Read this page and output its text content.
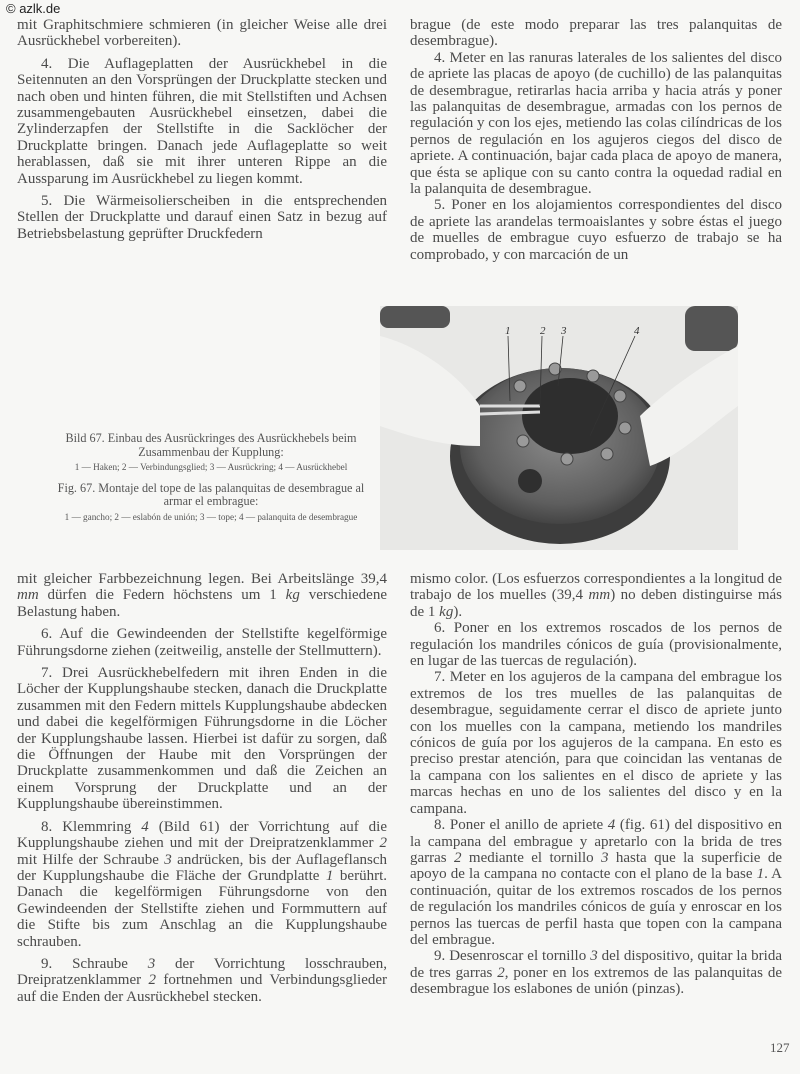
© azlk.de

mit Graphitschmiere schmieren (in gleicher Weise alle drei Ausrückhebel vorbereiten).

4. Die Auflageplatten der Ausrückhebel in die Seitennuten an den Vorsprüngen der Druckplatte stecken und nach oben und hinten führen, die mit Stellstiften und Achsen zusammengebauten Ausrückhebel einsetzen, dabei die Zylinderzapfen der Stellstifte in die Sacklöcher der Druckplatte bringen. Danach jede Auflageplatte so weit herablassen, daß sie mit ihrer unteren Rippe an die Aussparung im Ausrückhebel zu liegen kommt.

5. Die Wärmeisolierscheiben in die entsprechenden Stellen der Druckplatte und darauf einen Satz in bezug auf Betriebsbelastung geprüfter Druckfedern

brague (de este modo preparar las tres palanquitas de desembrague).

4. Meter en las ranuras laterales de los salientes del disco de apriete las placas de apoyo (de cuchillo) de las palanquitas de desembrague, retirarlas hacia arriba y hacia atrás y poner las palanquitas de desembrague, armadas con los pernos de regulación y con los ejes, metiendo las colas cilíndricas de los pernos de regulación en los agujeros ciegos del disco de apriete. A continuación, bajar cada placa de apoyo de manera, que ésta se aplique con su canto contra la oquedad radial en la palanquita de desembrague.

5. Poner en los alojamientos correspondientes del disco de apriete las arandelas termoaislantes y sobre éstas el juego de muelles de embrague cuyo esfuerzo de trabajo se ha comprobado, y con marcación de un

Bild 67. Einbau des Ausrückringes des Ausrückhebels beim Zusammenbau der Kupplung:
1 — Haken; 2 — Verbindungsglied; 3 — Ausrückring; 4 — Ausrückhebel
Fig. 67. Montaje del tope de las palanquitas de desembrague al armar el embrague:
1 — gancho; 2 — eslabón de unión; 3 — tope; 4 — palanquita de desembrague
1	2 3	4

mit gleicher Farbbezeichnung legen. Bei Arbeitslänge 39,4 mm dürfen die Federn höchstens um 1 kg verschiedene Belastung haben.

6. Auf die Gewindeenden der Stellstifte kegelförmige Führungsdorne ziehen (zeitweilig, anstelle der Stellmuttern).

7. Drei Ausrückhebelfedern mit ihren Enden in die Löcher der Kupplungshaube stecken, danach die Druckplatte zusammen mit den Federn mittels Kupplungshaube abdecken und dabei die kegelförmigen Führungsdorne in die Löcher der Kupplungshaube lassen. Hierbei ist dafür zu sorgen, daß die Öffnungen der Haube mit den Vorsprüngen der Druckplatte zusammenkommen und daß die Zeichen an einem Vorsprung der Druckplatte und an der Kupplungshaube übereinstimmen.

8. Klemmring 4 (Bild 61) der Vorrichtung auf die Kupplungshaube ziehen und mit der Dreipratzenklammer 2 mit Hilfe der Schraube 3 andrücken, bis der Auflageflansch der Kupplungshaube die Fläche der Grundplatte 1 berührt. Danach die kegelförmigen Führungsdorne von den Gewindeenden der Stellstifte ziehen und Formmuttern auf die Stifte bis zum Anschlag an die Kupplungshaube schrauben.

9. Schraube 3 der Vorrichtung losschrauben, Dreipratzenklammer 2 fortnehmen und Verbindungsglieder auf die Enden der Ausrückhebel stecken.

mismo color. (Los esfuerzos correspondientes a la longitud de trabajo de los muelles (39,4 mm) no deben distinguirse más de 1 kg).

6. Poner en los extremos roscados de los pernos de regulación los mandriles cónicos de guía (provisionalmente, en lugar de las tuercas de regulación).

7. Meter en los agujeros de la campana del embrague los extremos de los tres muelles de las palanquitas de desembrague, seguidamente cerrar el disco de apriete junto con los muelles con la campana, metiendo los mandriles cónicos de guía por los agujeros de la campana. En esto es preciso prestar atención, para que coincidan las ventanas de la campana con los salientes en el disco de apriete y las marcas hechas en uno de los salientes del disco y en la campana.

8. Poner el anillo de apriete 4 (fig. 61) del dispositivo en la campana del embrague y apretarlo con la brida de tres garras 2 mediante el tornillo 3 hasta que la superficie de apoyo de la campana no contacte con el plano de la base 1. A continuación, quitar de los extremos roscados de los pernos de regulación los mandriles cónicos de guía y enroscar en los pernos las tuercas de perfil hasta que topen con la campana del embrague.

9. Desenroscar el tornillo 3 del dispositivo, quitar la brida de tres garras 2, poner en los extremos de las palanquitas de desembrague los eslabones de unión (pinzas).

127
